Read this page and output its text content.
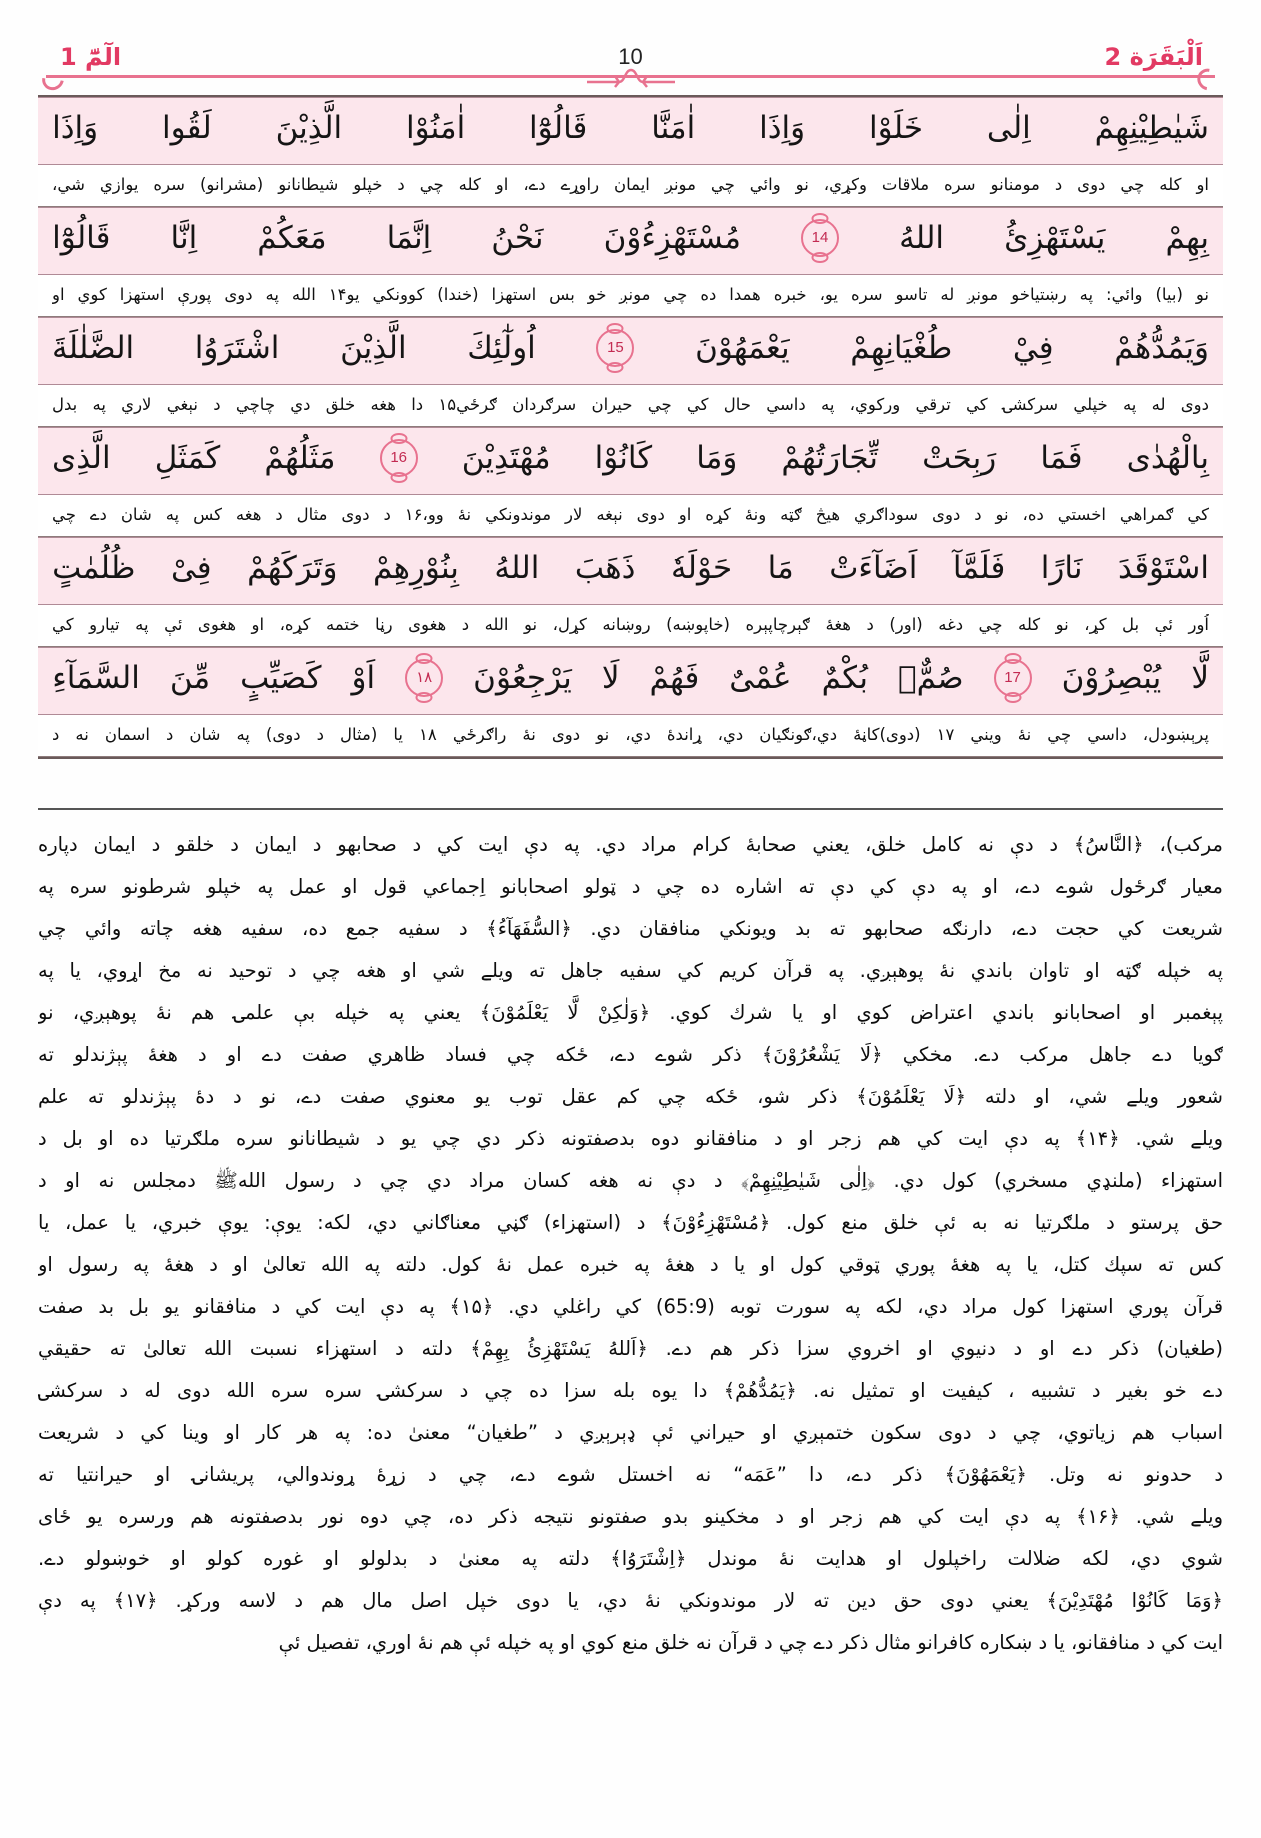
اَلْبَقَرَة 2
الٓمّٓ 1	10
شَيٰطِيْنِهِمْ
اِلٰى
خَلَوْا
وَاِذَا
اٰمَنَّا
قَالُوْٓا
اٰمَنُوْا
الَّذِيْنَ
لَقُوا
وَاِذَا
او كله چي دوى د مومنانو سره ملاقات وكړي، نو وائي چي مونږ ايمان راوړے دے، او كله چي د خپلو شيطانانو (مشرانو) سره يوازي شي،
بِهِمْ
يَسْتَهْزِئُ
اللهُ
14
مُسْتَهْزِءُوْنَ
نَحْنُ
اِنَّمَا
مَعَكُمْ
اِنَّا
قَالُوْٓا
نو (بيا) وائي: په رښتياخو مونږ له تاسو سره يو، خبره همدا ده چي مونږ خو بس استهزا (خندا) كوونكي يو۱۴ الله په دوى پورې استهزا كوي او
وَيَمُدُّهُمْ
فِيْ
طُغْيَانِهِمْ
يَعْمَهُوْنَ
15
اُولٰٓئِكَ
الَّذِيْنَ
اشْتَرَوُا
الضَّلٰلَةَ
دوى له په خپلي سركشۍ كي ترقي وركوي، په داسي حال كي چي حيران سرګردان ګرځي۱۵ دا هغه خلق دي چاچي د نېغي لاري په بدل
بِالْهُدٰى
فَمَا
رَبِحَتْ
تِّجَارَتُهُمْ
وَمَا
كَانُوْا
مُهْتَدِيْنَ
16
مَثَلُهُمْ
كَمَثَلِ
الَّذِى
كي ګمراهي اخستي ده، نو د دوى سوداګري هيڅ ګټه ونۀ كړه او دوى نېغه لار موندونكي نۀ وو،۱۶ د دوى مثال د هغه كس په شان دے چي
اسْتَوْقَدَ
نَارًا
فَلَمَّآ
اَضَآءَتْ
مَا
حَوْلَهٗ
ذَهَبَ
اللهُ
بِنُوْرِهِمْ
وَتَرَكَهُمْ
فِىْ
ظُلُمٰتٍ
اُور ئې بل كړ، نو كله چي دغه (اور) د هغهٔ ګېرچاپېره (خاپوښه) روښانه كړل، نو الله د هغوى رڼا ختمه كړه، او هغوى ئې په تيارو كي
لَّا
يُبْصِرُوْنَ
17
صُمٌّۢ
بُكْمٌ
عُمْىٌ
فَهُمْ
لَا
يَرْجِعُوْنَ
۱۸
اَوْ
كَصَيِّبٍ
مِّنَ
السَّمَآءِ
پرېښودل، داسي چي نۀ ويني ۱۷ (دوى)كاڼۀ دي،ګونګيان دي، ړاندۀ دي، نو دوى نۀ راګرځي ۱۸ يا (مثال د دوى) په شان د اسمان نه د
مركب)، ﴿النَّاسُ﴾ د دې نه كامل خلق، يعني صحابهٔ كرام مراد دي. په دې ايت كي د صحابهو د ايمان د خلقو د ايمان دپاره
معيار ګرځول شوے دے، او په دې كي دې ته اشاره ده چي د ټولو اصحابانو اِجماعي قول او عمل په خپلو شرطونو سره په
شريعت كي حجت دے، دارنګه صحابهو ته بد ويونكي منافقان دي. ﴿السُّفَهَآءُ﴾ د سفيه جمع ده، سفيه هغه چاته وائي چي
په خپله ګټه او تاوان باندي نۀ پوهېږي. په قرآن كريم كي سفيه جاهل ته ويلے شي او هغه چي د توحيد نه مخ اړوي، يا په
پېغمبر او اصحابانو باندي اعتراض كوي او يا شرك كوي. ﴿وَلٰكِنْ لَّا يَعْلَمُوْنَ﴾ يعني په خپله بې علمۍ هم نۀ پوهېږي، نو
ګويا دے جاهل مركب دے. مخكي ﴿لَا يَشْعُرُوْنَ﴾ ذكر شوے دے، ځكه چي فساد ظاهري صفت دے او د هغهٔ پېژندلو ته
شعور ويلے شي، او دلته ﴿لَا يَعْلَمُوْنَ﴾ ذكر شو، ځكه چي كم عقل توب يو معنوي صفت دے، نو د دهٔ پېژندلو ته علم
ويلے شي. ﴿۱۴﴾ په دې ايت كي هم زجر او د منافقانو دوه بدصفتونه ذكر دي چي يو د شيطانانو سره ملګرتيا ده او بل د
استهزاء (ملنډي مسخري) كول دي. ﴿اِلٰى شَيٰطِيْنِهِمْ﴾ د دې نه هغه كسان مراد دي چي د رسول اللهﷺ دمجلس نه او د
حق پرستو د ملګرتيا نه به ئې خلق منع كول. ﴿مُسْتَهْزِءُوْنَ﴾ د (استهزاء) ګڼي معناګاني دي، لكه: يوې: يوې خبري، يا عمل، يا
كس ته سپك كتل، يا په هغهٔ پوري ټوقي كول او يا د هغهٔ په خبره عمل نۀ كول. دلته په الله تعالىٰ او د هغهٔ په رسول او
قرآن پوري استهزا كول مراد دي، لكه په سورت توبه (65:9) كي راغلي دي. ﴿۱۵﴾ په دې ايت كي د منافقانو يو بل بد صفت
(طغيان) ذكر دے او د دنيوي او اخروي سزا ذكر هم دے. ﴿اَللهُ يَسْتَهْزِئُ بِهِمْ﴾ دلته د استهزاء نسبت الله تعالىٰ ته حقيقي
دے خو بغير د تشبيه ، كيفيت او تمثيل نه. ﴿يَمُدُّهُمْ﴾ دا يوه بله سزا ده چي د سركشۍ سره سره الله دوى له د سركشۍ
اسباب هم زياتوي، چي د دوى سكون ختمېږي او حيراني ئې ډېرېږي د ”طغيان“ معنىٰ ده: په هر كار او وينا كي د شريعت
د حدونو نه وتل. ﴿يَعْمَهُوْنَ﴾ ذكر دے، دا ”عَمَه“ نه اخستل شوے دے، چي د زړۀ ړوندوالي، پريشانۍ او حيرانتيا ته
ويلے شي. ﴿۱۶﴾ په دې ايت كي هم زجر او د مخكينو بدو صفتونو نتيجه ذكر ده، چي دوه نور بدصفتونه هم ورسره يو ځاى
شوي دي، لكه ضلالت راخپلول او هدايت نۀ موندل ﴿اِشْتَرَوُا﴾ دلته په معنىٰ د بدلولو او غوره كولو او خوښولو دے.
﴿وَمَا كَانُوْا مُهْتَدِيْنَ﴾ يعني دوى حق دين ته لار موندونكي نۀ دي، يا دوى خپل اصل مال هم د لاسه وركړ. ﴿۱۷﴾ په دې
ايت كي د منافقانو، يا د ښكاره كافرانو مثال ذكر دے چي د قرآن نه خلق منع كوي او په خپله ئې هم نۀ اوري، تفصيل ئې
